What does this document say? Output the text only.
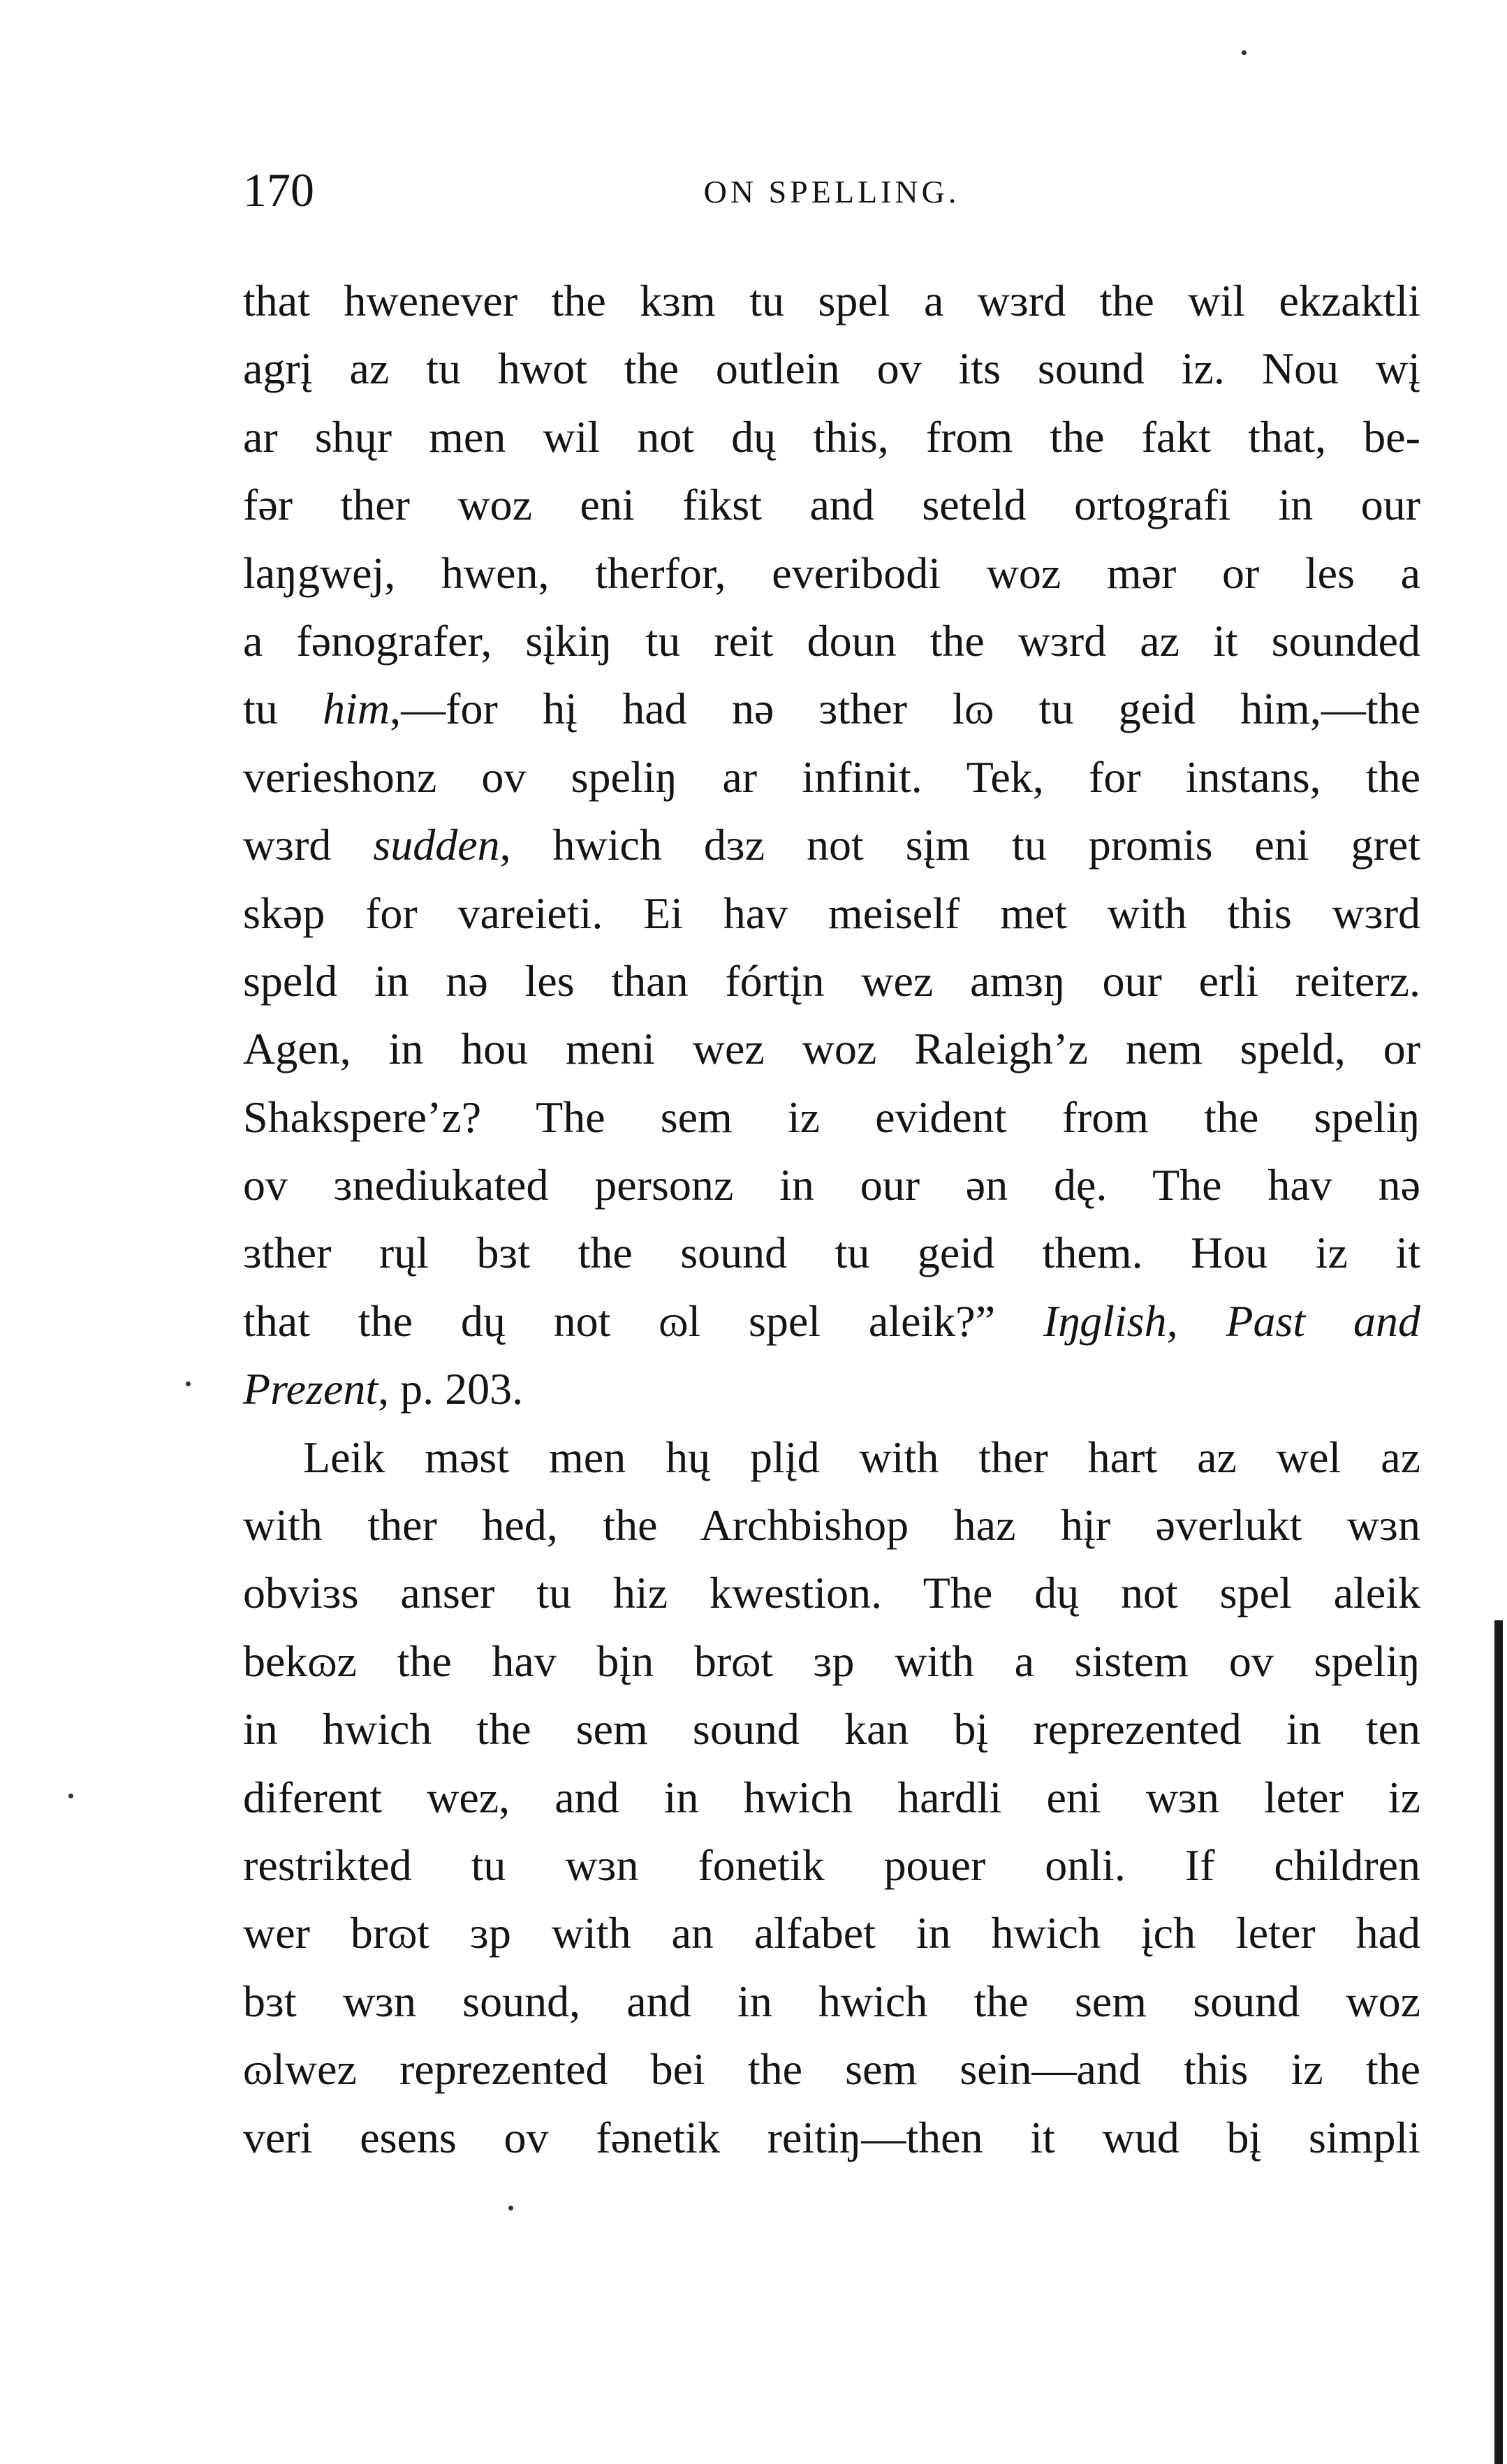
170	ON SPELLING.
that hwenever the kɜm tu spel a wɜrd the wil ekzaktli
agrį az tu hwot the outlein ov its sound iz. Nou wį
ar shųr men wil not dų this, from the fakt that, be-
fər ther woz eni fikst and seteld ortografi in our
laŋgwej, hwen, therfor, everibodi woz mər or les a
a fənografer, sįkiŋ tu reit doun the wɜrd az it sounded
tu him,—for hį had nə ɜther lɷ tu geid him,—the
verieshonz ov speliŋ ar infinit. Tek, for instans, the
wɜrd sudden, hwich dɜz not sįm tu promis eni gret
skəp for vareieti. Ei hav meiself met with this wɜrd
speld in nə les than fórtįn wez amɜŋ our erli reiterz.
Agen, in hou meni wez woz Raleigh’z nem speld, or
Shakspere’z? The sem iz evident from the speliŋ
ov ɜnediukated personz in our ən dę. The hav nə
ɜther rųl bɜt the sound tu geid them. Hou iz it
that the dų not ɷl spel aleik?” Iŋglish, Past and
Prezent, p. 203.
Leik məst men hų plįd with ther hart az wel az
with ther hed, the Archbishop haz hįr əverlukt wɜn
obviɜs anser tu hiz kwestion. The dų not spel aleik
bekɷz the hav bįn brɷt ɜp with a sistem ov speliŋ
in hwich the sem sound kan bį reprezented in ten
diferent wez, and in hwich hardli eni wɜn leter iz
restrikted tu wɜn fonetik pouer onli. If children
wer brɷt ɜp with an alfabet in hwich įch leter had
bɜt wɜn sound, and in hwich the sem sound woz
ɷlwez reprezented bei the sem sein—and this iz the
veri esens ov fənetik reitiŋ—then it wud bį simpli
